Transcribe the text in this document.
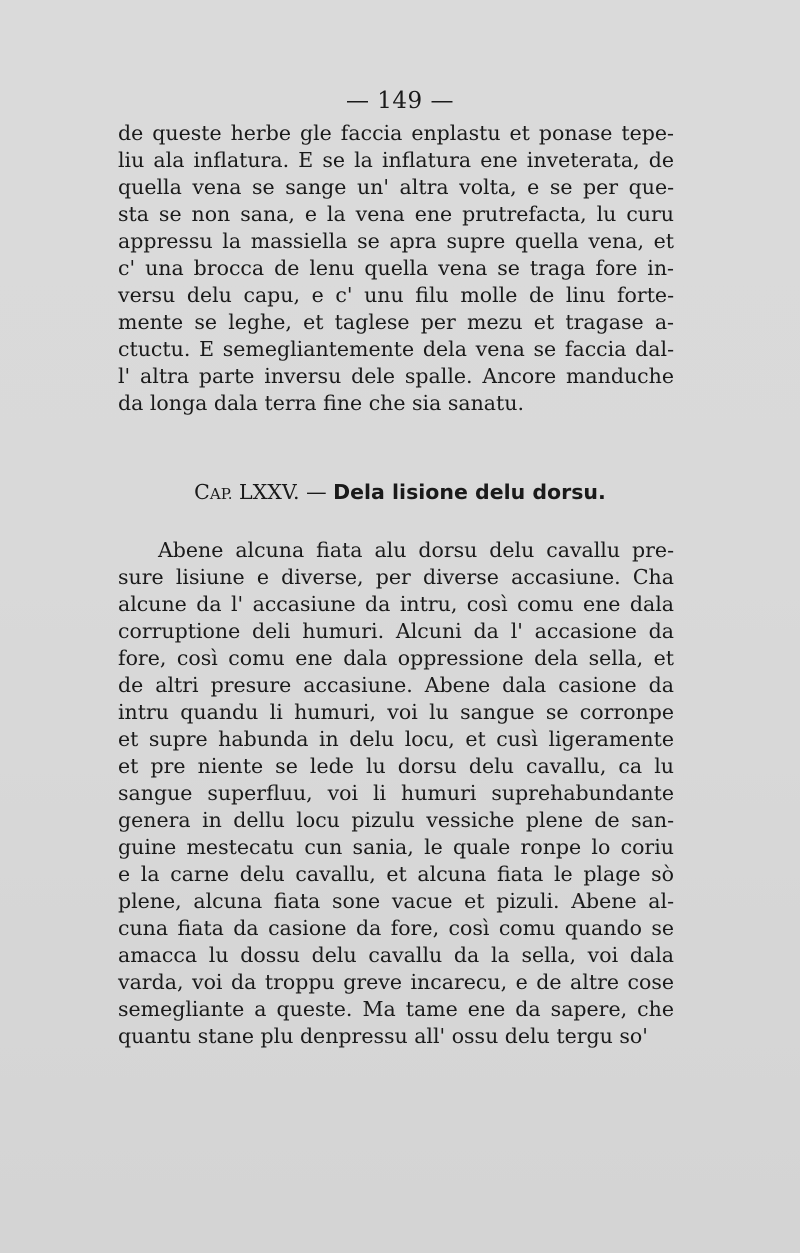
— 149 —
de queste herbe gle faccia enplastu et ponase tepe-
liu ala inflatura. E se la inflatura ene inveterata, de
quella vena se sange un' altra volta, e se per que-
sta se non sana, e la vena ene prutrefacta, lu curu
appressu la massiella se apra supre quella vena, et
c' una brocca de lenu quella vena se traga fore in-
versu delu capu, e c' unu filu molle de linu forte-
mente se leghe, et taglese per mezu et tragase a-
ctuctu. E semegliantemente dela vena se faccia dal-
l' altra parte inversu dele spalle. Ancore manduche
da longa dala terra fine che sia sanatu.
CAP. LXXV. — Dela lisione delu dorsu.
Abene alcuna fiata alu dorsu delu cavallu pre-
sure lisiune e diverse, per diverse accasiune. Cha
alcune da l' accasiune da intru, così comu ene dala
corruptione deli humuri. Alcuni da l' accasione da
fore, così comu ene dala oppressione dela sella, et
de altri presure accasiune. Abene dala casione da
intru quandu li humuri, voi lu sangue se corronpe
et supre habunda in delu locu, et cusì ligeramente
et pre niente se lede lu dorsu delu cavallu, ca lu
sangue superfluu, voi li humuri suprehabundante
genera in dellu locu pizulu vessiche plene de san-
guine mestecatu cun sania, le quale ronpe lo coriu
e la carne delu cavallu, et alcuna fiata le plage sò
plene, alcuna fiata sone vacue et pizuli. Abene al-
cuna fiata da casione da fore, così comu quando se
amacca lu dossu delu cavallu da la sella, voi dala
varda, voi da troppu greve incarecu, e de altre cose
semegliante a queste. Ma tame ene da sapere, che
quantu stane plu denpressu all' ossu delu tergu so'
